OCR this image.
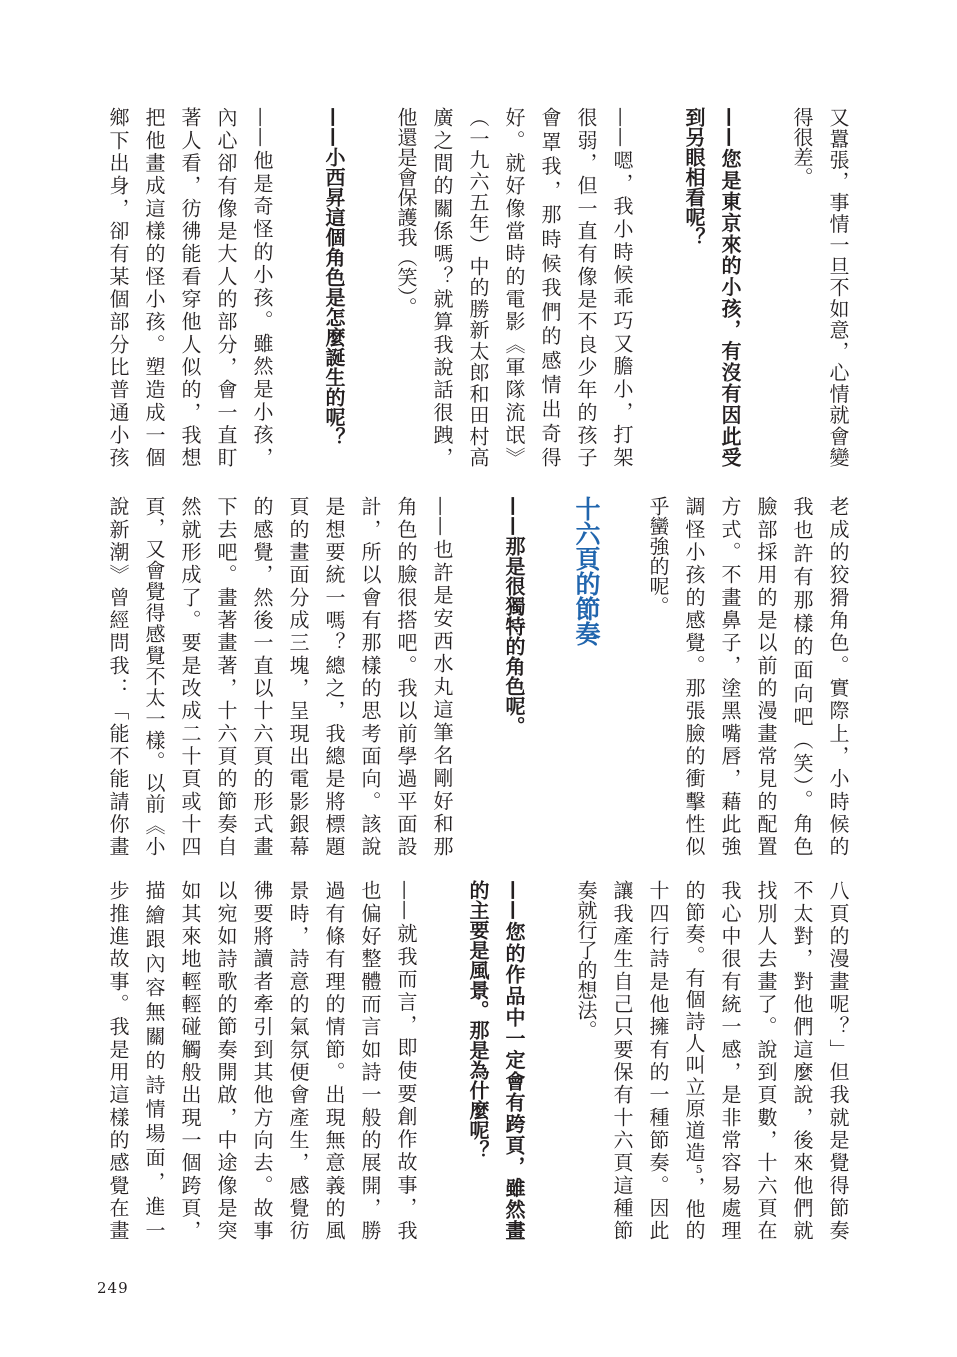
又囂張，事情一旦不如意，心情就會變
得很差。
——您是東京來的小孩，有沒有因此受
到另眼相看呢？
——嗯，我小時候乖巧又膽小，打架
很弱，但一直有像是不良少年的孩子
會罩我，那時候我們的感情出奇得
好。就好像當時的電影《軍隊流氓》
（一九六五年）中的勝新太郎和田村高
廣之間的關係嗎？就算我說話很跩，
他還是會保護我（笑）。
——小西昇這個角色是怎麼誕生的呢？
——他是奇怪的小孩。雖然是小孩，
內心卻有像是大人的部分，會一直盯
著人看，彷彿能看穿他人似的，我想
把他畫成這樣的怪小孩。塑造成一個
鄉下出身，卻有某個部分比普通小孩
老成的狡猾角色。實際上，小時候的
我也許有那樣的面向吧（笑）。角色
臉部採用的是以前的漫畫常見的配置
方式。不畫鼻子，塗黑嘴唇，藉此強
調怪小孩的感覺。那張臉的衝擊性似
乎蠻強的呢。
十六頁的節奏
——那是很獨特的角色呢。
——也許是安西水丸這筆名剛好和那
角色的臉很搭吧。我以前學過平面設
計，所以會有那樣的思考面向。該說
是想要統一嗎？總之，我總是將標題
頁的畫面分成三塊，呈現出電影銀幕
的感覺，然後一直以十六頁的形式畫
下去吧。畫著畫著，十六頁的節奏自
然就形成了。要是改成二十頁或十四
頁，又會覺得感覺不太一樣。以前《小
說新潮》曾經問我：「能不能請你畫
八頁的漫畫呢？」但我就是覺得節奏
不太對，對他們這麼說，後來他們就
找別人去畫了。說到頁數，十六頁在
我心中很有統一感，是非常容易處理
的節奏。有個詩人叫立原道造$^5$，他的
十四行詩是他擁有的一種節奏。因此
讓我產生自己只要保有十六頁這種節
奏就行了的想法。
——您的作品中一定會有跨頁，雖然畫
的主要是風景。那是為什麼呢？
——就我而言，即使要創作故事，我
也偏好整體而言如詩一般的展開，勝
過有條有理的情節。出現無意義的風
景時，詩意的氣氛便會產生，感覺彷
彿要將讀者牽引到其他方向去。故事
以宛如詩歌的節奏開啟，中途像是突
如其來地輕輕碰觸般出現一個跨頁，
描繪跟內容無關的詩情場面，進一
步推進故事。我是用這樣的感覺在畫
249
